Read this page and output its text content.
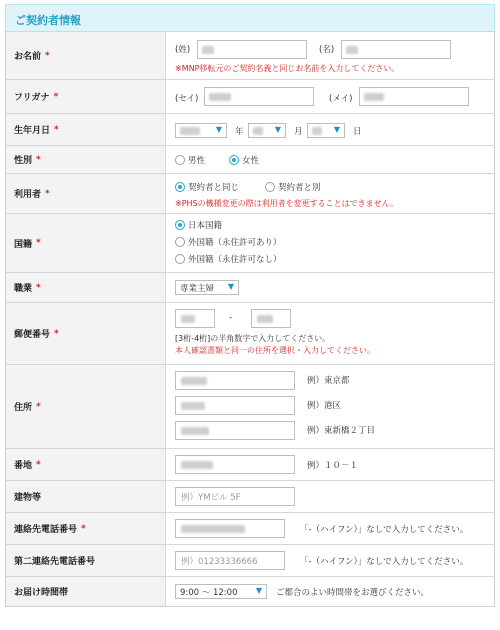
ご契約者情報
お名前 *
(姓)	(名)
※MNP移転元のご契約名義と同じお名前を入力してください。
フリガナ *	(セイ)	(メイ)
生年月日 *	▼ 年	▼ 月	▼ 日
性別 *	男性	女性
利用者 *
契約者と同じ	契約者と別
※PHSの機種変更の際は利用者を変更することはできません。
国籍 *
日本国籍
外国籍（永住許可あり）
外国籍（永住許可なし）
職業 *	専業主婦 ▼
郵便番号 *
-
[3桁-4桁]の半角数字で入力してください。
本人確認書類と同一の住所を選択・入力してください。
住所 *
例）東京都
例）港区
例）東新橋２丁目
番地 *	例）１０－１
建物等	例）YMビル 5F
連絡先電話番号 *	「-（ハイフン）」なしで入力してください。
第二連絡先電話番号	例）01233336666	「-（ハイフン）」なしで入力してください。
お届け時間帯	9:00 ～ 12:00 ▼ ご都合のよい時間帯をお選びください。
